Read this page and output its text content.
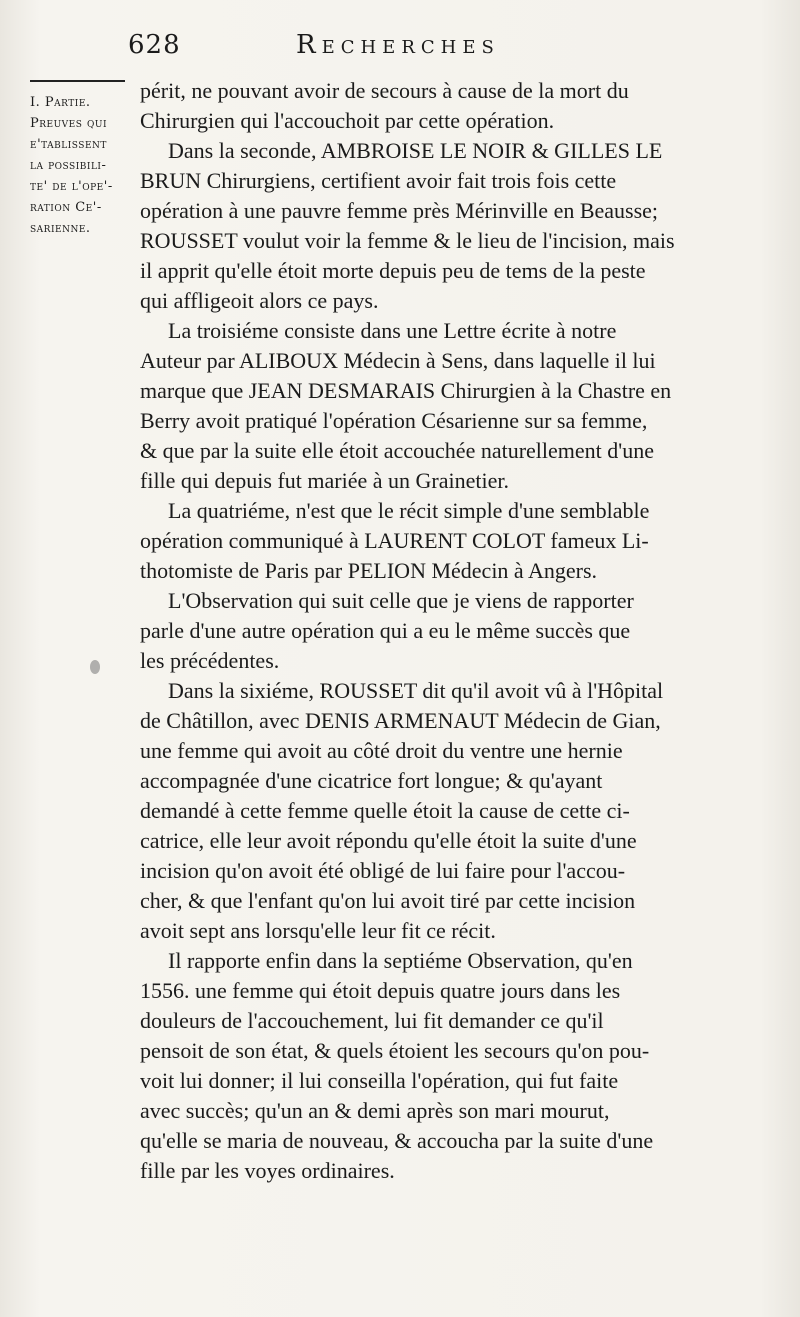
628	Recherches
I. Partie.
Preuves qui
e'tablissent
la possibili-
te' de l'ope'-
ration Ce'-
sarienne.
périt, ne pouvant avoir de secours à cause de la mort du
Chirurgien qui l'accouchoit par cette opération.
Dans la seconde, AMBROISE LE NOIR & GILLES LE
BRUN Chirurgiens, certifient avoir fait trois fois cette
opération à une pauvre femme près Mérinville en Beausse;
ROUSSET voulut voir la femme & le lieu de l'incision, mais
il apprit qu'elle étoit morte depuis peu de tems de la peste
qui affligeoit alors ce pays.
La troisiéme consiste dans une Lettre écrite à notre
Auteur par ALIBOUX Médecin à Sens, dans laquelle il lui
marque que JEAN DESMARAIS Chirurgien à la Chastre en
Berry avoit pratiqué l'opération Césarienne sur sa femme,
& que par la suite elle étoit accouchée naturellement d'une
fille qui depuis fut mariée à un Grainetier.
La quatriéme, n'est que le récit simple d'une semblable
opération communiqué à LAURENT COLOT fameux Li-
thotomiste de Paris par PELION Médecin à Angers.
L'Observation qui suit celle que je viens de rapporter
parle d'une autre opération qui a eu le même succès que
les précédentes.
Dans la sixiéme, ROUSSET dit qu'il avoit vû à l'Hôpital
de Châtillon, avec DENIS ARMENAUT Médecin de Gian,
une femme qui avoit au côté droit du ventre une hernie
accompagnée d'une cicatrice fort longue; & qu'ayant
demandé à cette femme quelle étoit la cause de cette ci-
catrice, elle leur avoit répondu qu'elle étoit la suite d'une
incision qu'on avoit été obligé de lui faire pour l'accou-
cher, & que l'enfant qu'on lui avoit tiré par cette incision
avoit sept ans lorsqu'elle leur fit ce récit.
Il rapporte enfin dans la septiéme Observation, qu'en
1556. une femme qui étoit depuis quatre jours dans les
douleurs de l'accouchement, lui fit demander ce qu'il
pensoit de son état, & quels étoient les secours qu'on pou-
voit lui donner; il lui conseilla l'opération, qui fut faite
avec succès; qu'un an & demi après son mari mourut,
qu'elle se maria de nouveau, & accoucha par la suite d'une
fille par les voyes ordinaires.
